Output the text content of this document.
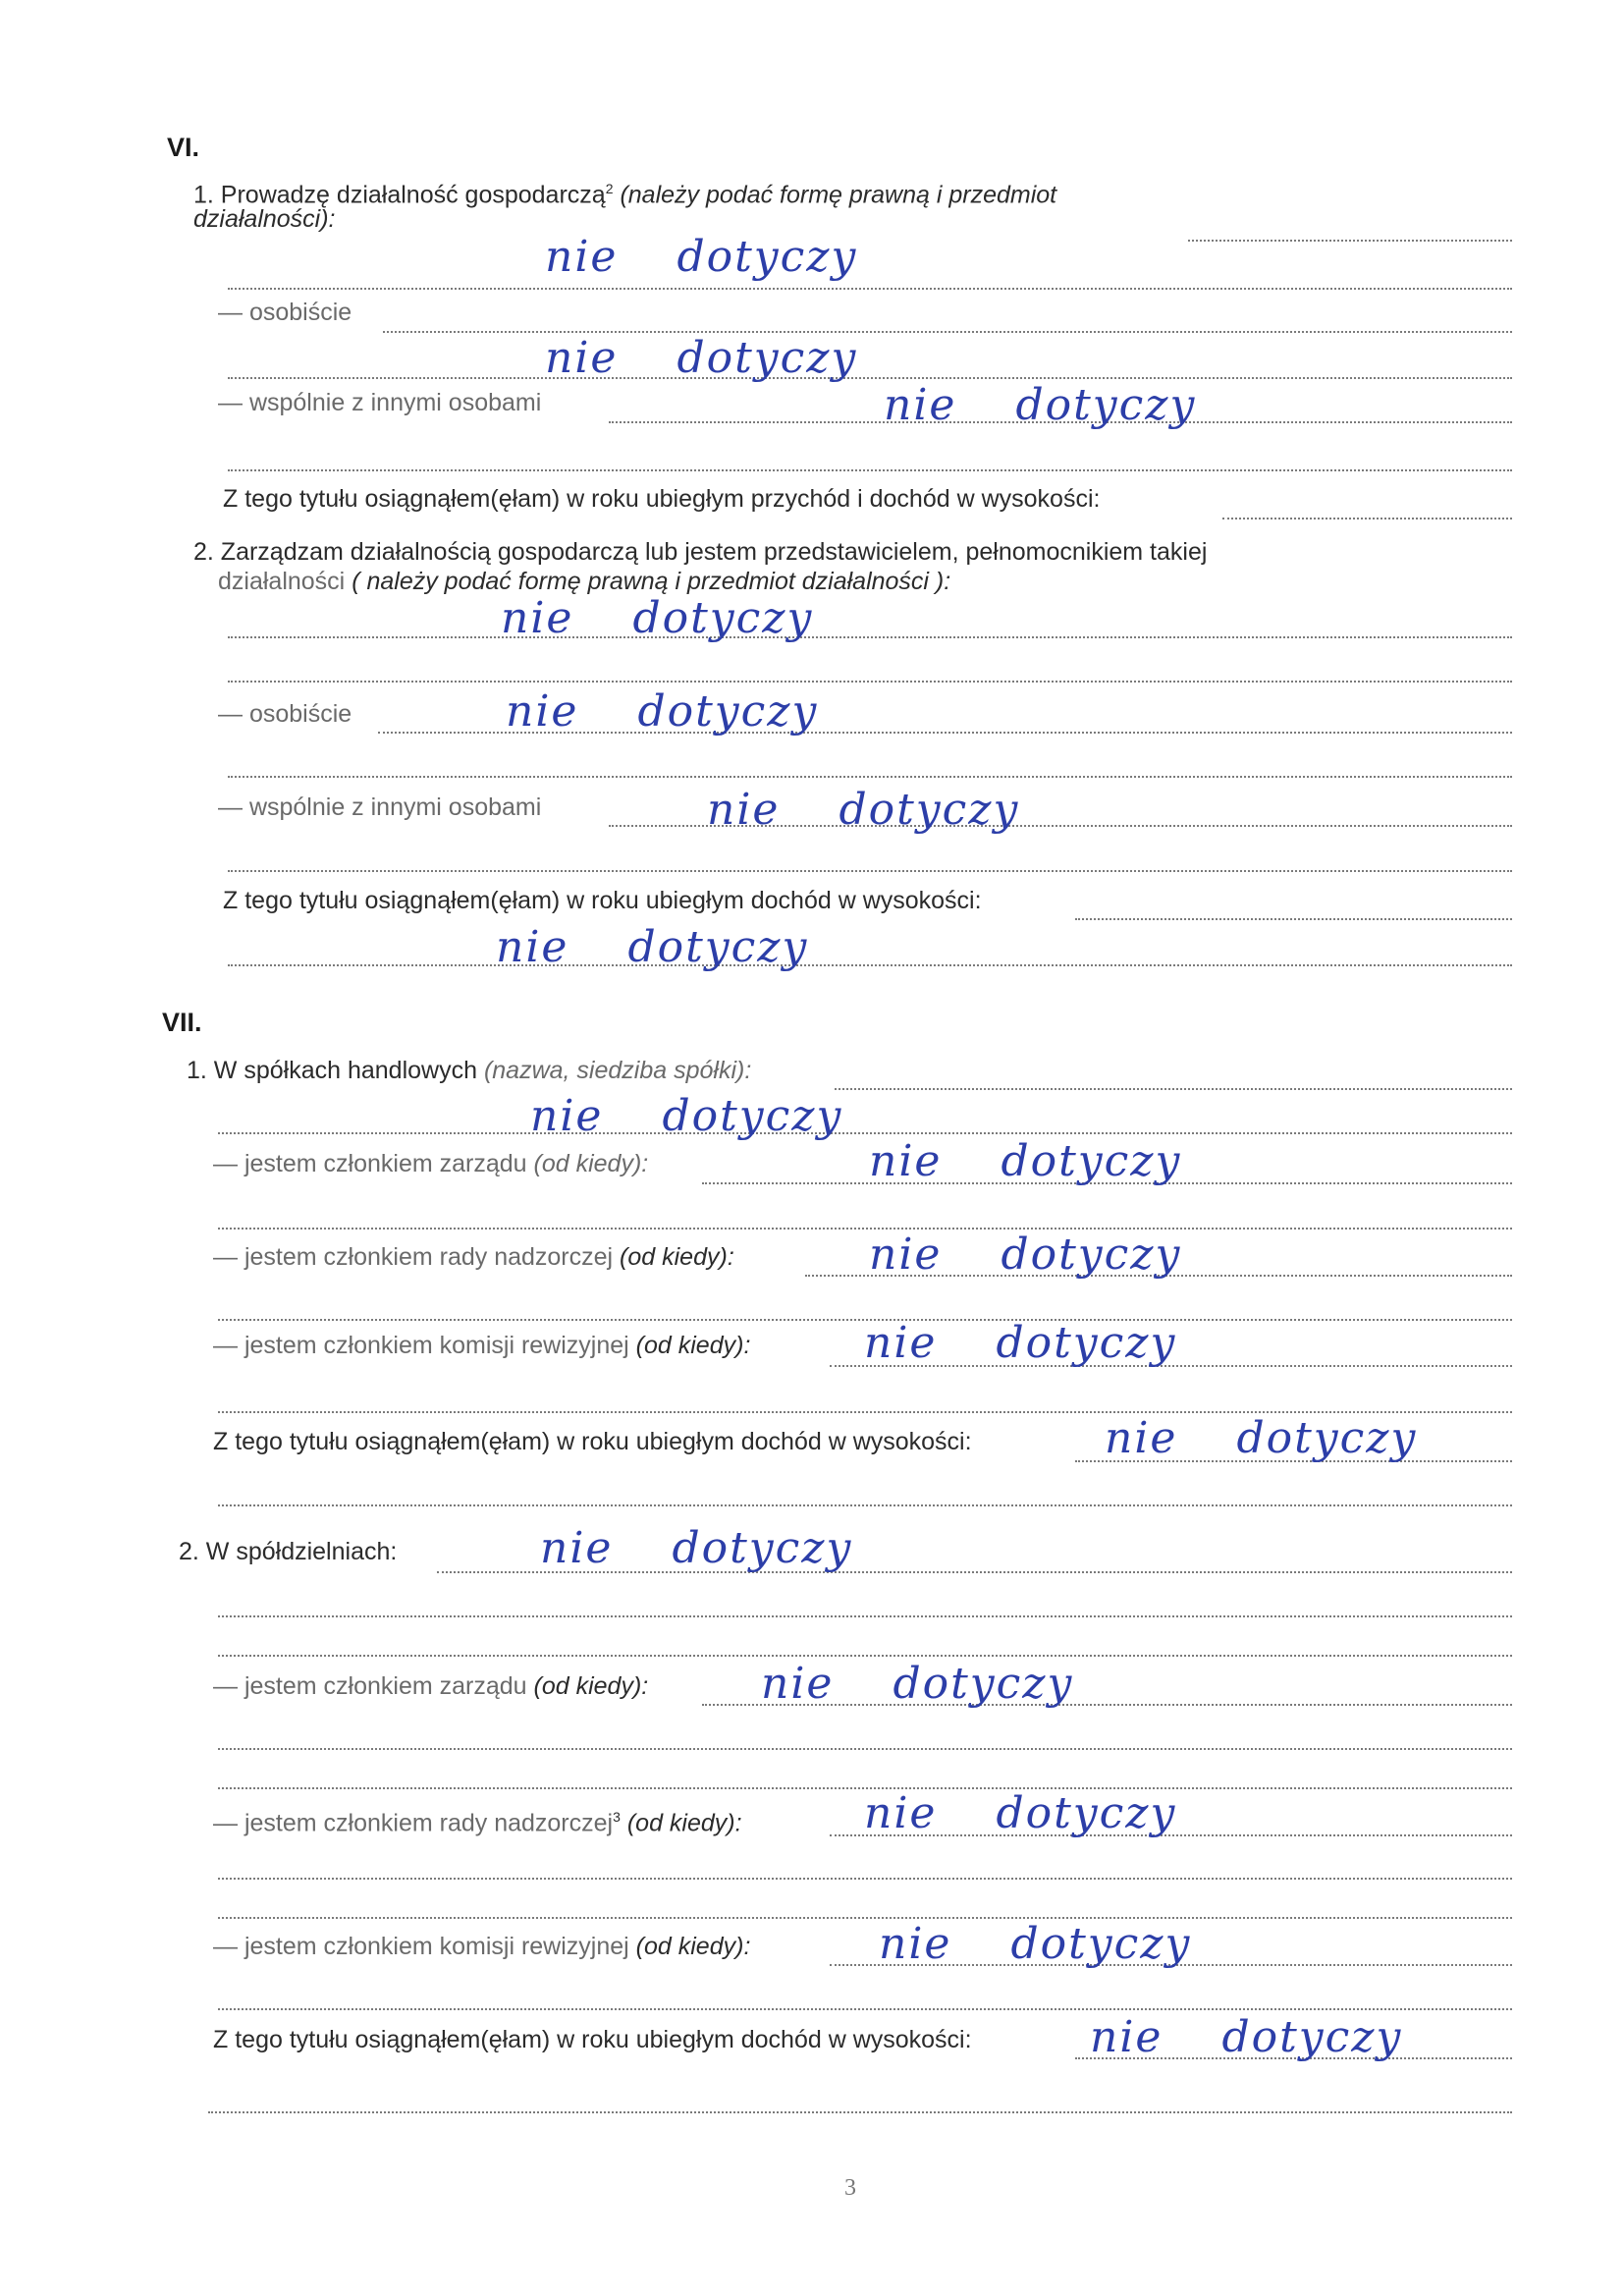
VI.
1. Prowadzę działalność gospodarczą$^2$ (należy podać formę prawną i przedmiot
działalności):
nie dotyczy
— osobiście
nie dotyczy
— wspólnie z innymi osobami	nie dotyczy
Z tego tytułu osiągnąłem(ęłam) w roku ubiegłym przychód i dochód w wysokości:
2. Zarządzam działalnością gospodarczą lub jestem przedstawicielem, pełnomocnikiem takiej
działalności ( należy podać formę prawną i przedmiot działalności ):
nie dotyczy
— osobiście	nie dotyczy
— wspólnie z innymi osobami	nie dotyczy
Z tego tytułu osiągnąłem(ęłam) w roku ubiegłym dochód w wysokości:
nie dotyczy
VII.
1. W spółkach handlowych (nazwa, siedziba spółki):
nie dotyczy
— jestem członkiem zarządu (od kiedy):	nie dotyczy
— jestem członkiem rady nadzorczej (od kiedy):	nie dotyczy
— jestem członkiem komisji rewizyjnej (od kiedy):	nie dotyczy
Z tego tytułu osiągnąłem(ęłam) w roku ubiegłym dochód w wysokości:	nie dotyczy
2. W spółdzielniach:	nie dotyczy
— jestem członkiem zarządu (od kiedy):	nie dotyczy
— jestem członkiem rady nadzorczej$^3$ (od kiedy):	nie dotyczy
— jestem członkiem komisji rewizyjnej (od kiedy):	nie dotyczy
Z tego tytułu osiągnąłem(ęłam) w roku ubiegłym dochód w wysokości:	nie dotyczy
3
